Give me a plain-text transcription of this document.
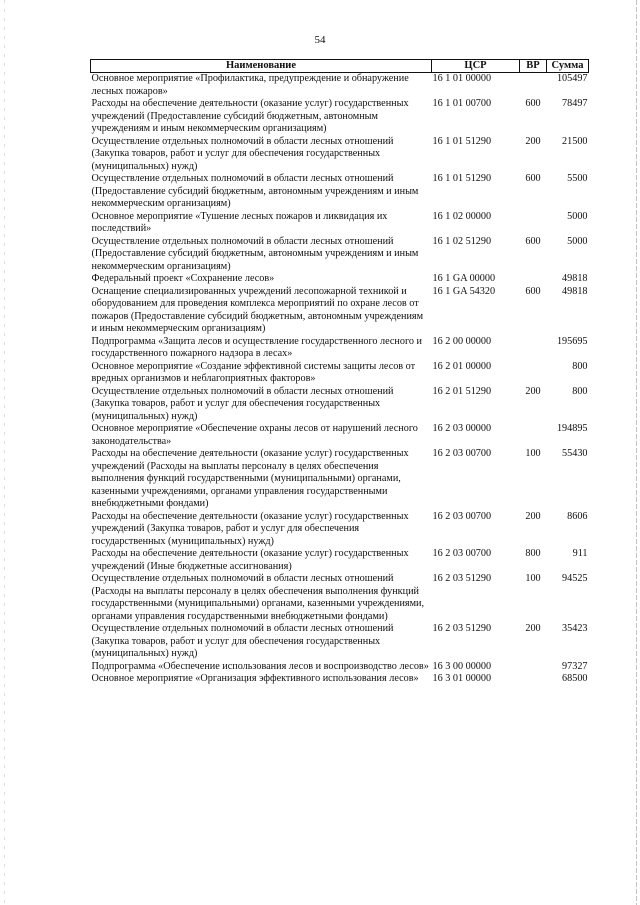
54
Наименование	ЦСР	ВР	Сумма
Основное мероприятие «Профилактика, предупреждение и обнаружение лесных пожаров»	16 1 01 00000		105497
Расходы на обеспечение деятельности (оказание услуг) государственных учреждений (Предоставление субсидий бюджетным, автономным учреждениям и иным некоммерческим организациям)	16 1 01 00700	600	78497
Осуществление отдельных полномочий в области лесных отношений (Закупка товаров, работ и услуг для обеспечения государственных (муниципальных) нужд)	16 1 01 51290	200	21500
Осуществление отдельных полномочий в области лесных отношений (Предоставление субсидий бюджетным, автономным учреждениям и иным некоммерческим организациям)	16 1 01 51290	600	5500
Основное мероприятие «Тушение лесных пожаров и ликвидация их последствий»	16 1 02 00000		5000
Осуществление отдельных полномочий в области лесных отношений (Предоставление субсидий бюджетным, автономным учреждениям и иным некоммерческим организациям)	16 1 02 51290	600	5000
Федеральный проект «Сохранение лесов»	16 1 GA 00000		49818
Оснащение специализированных учреждений лесопожарной техникой и оборудованием для проведения комплекса мероприятий по охране лесов от пожаров (Предоставление субсидий бюджетным, автономным учреждениям и иным некоммерческим организациям)	16 1 GA 54320	600	49818
Подпрограмма «Защита лесов и осуществление государственного лесного и государственного пожарного надзора в лесах»	16 2 00 00000		195695
Основное мероприятие «Создание эффективной системы защиты лесов от вредных организмов и неблагоприятных факторов»	16 2 01 00000		800
Осуществление отдельных полномочий в области лесных отношений (Закупка товаров, работ и услуг для обеспечения государственных (муниципальных) нужд)	16 2 01 51290	200	800
Основное мероприятие «Обеспечение охраны лесов от нарушений лесного законодательства»	16 2 03 00000		194895
Расходы на обеспечение деятельности (оказание услуг) государственных учреждений (Расходы на выплаты персоналу в целях обеспечения выполнения функций государственными (муниципальными) органами, казенными учреждениями, органами управления государственными внебюджетными фондами)	16 2 03 00700	100	55430
Расходы на обеспечение деятельности (оказание услуг) государственных учреждений (Закупка товаров, работ и услуг для обеспечения государственных (муниципальных) нужд)	16 2 03 00700	200	8606
Расходы на обеспечение деятельности (оказание услуг) государственных учреждений (Иные бюджетные ассигнования)	16 2 03 00700	800	911
Осуществление отдельных полномочий в области лесных отношений (Расходы на выплаты персоналу в целях обеспечения выполнения функций государственными (муниципальными) органами, казенными учреждениями, органами управления государственными внебюджетными фондами)	16 2 03 51290	100	94525
Осуществление отдельных полномочий в области лесных отношений (Закупка товаров, работ и услуг для обеспечения государственных (муниципальных) нужд)	16 2 03 51290	200	35423
Подпрограмма «Обеспечение использования лесов и воспроизводство лесов»	16 3 00 00000		97327
Основное мероприятие «Организация эффективного использования лесов»	16 3 01 00000		68500
